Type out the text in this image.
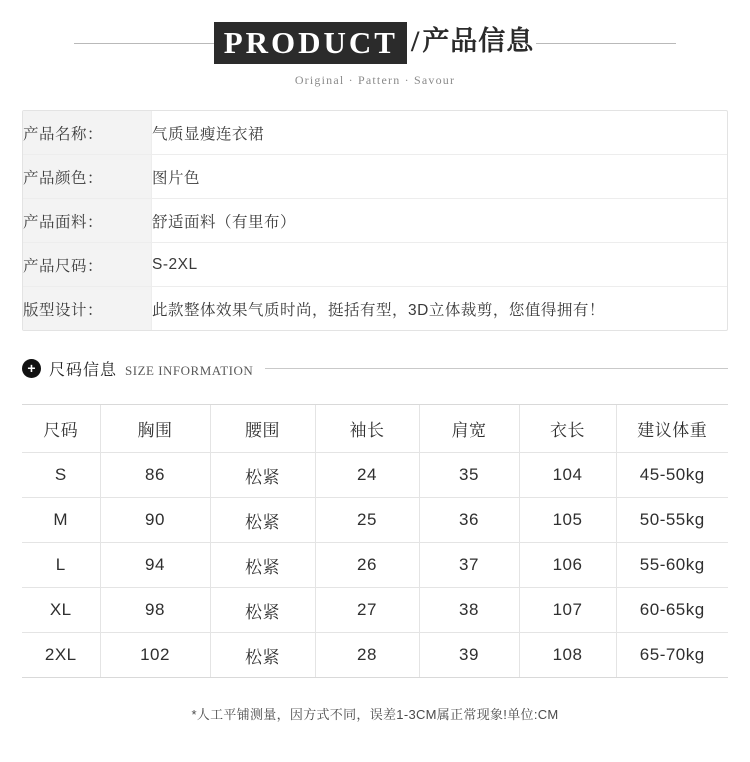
PRODUCT / 产品信息
Original · Pattern · Savour
产品名称：	气质显瘦连衣裙
产品颜色：	图片色
产品面料：	舒适面料（有里布）
产品尺码：	S-2XL
版型设计：	此款整体效果气质时尚，挺括有型，3D立体裁剪，您值得拥有！
+ 尺码信息 SIZE INFORMATION
尺码	胸围	腰围	袖长	肩宽	衣长	建议体重
S	86	松紧	24	35	104	45-50kg
M	90	松紧	25	36	105	50-55kg
L	94	松紧	26	37	106	55-60kg
XL	98	松紧	27	38	107	60-65kg
2XL	102	松紧	28	39	108	65-70kg
*人工平铺测量，因方式不同，误差1-3CM属正常现象!单位:CM
